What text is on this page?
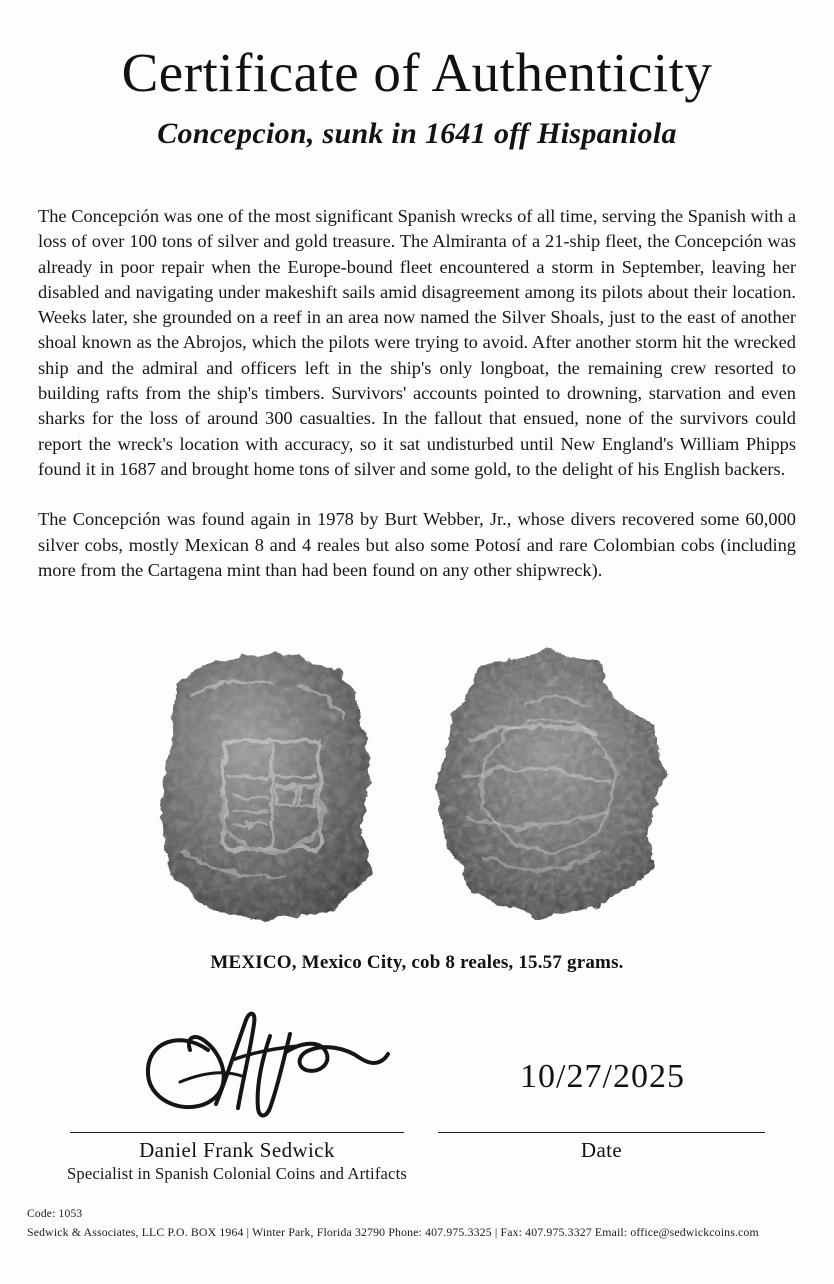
Certificate of Authenticity
Concepcion, sunk in 1641 off Hispaniola

The Concepción was one of the most significant Spanish wrecks of all time, serving the Spanish with a loss of over 100 tons of silver and gold treasure. The Almiranta of a 21-ship fleet, the Concepción was already in poor repair when the Europe-bound fleet encountered a storm in September, leaving her disabled and navigating under makeshift sails amid disagreement among its pilots about their location. Weeks later, she grounded on a reef in an area now named the Silver Shoals, just to the east of another shoal known as the Abrojos, which the pilots were trying to avoid. After another storm hit the wrecked ship and the admiral and officers left in the ship's only longboat, the remaining crew resorted to building rafts from the ship's timbers. Survivors' accounts pointed to drowning, starvation and even sharks for the loss of around 300 casualties. In the fallout that ensued, none of the survivors could report the wreck's location with accuracy, so it sat undisturbed until New England's William Phipps found it in 1687 and brought home tons of silver and some gold, to the delight of his English backers.

The Concepción was found again in 1978 by Burt Webber, Jr., whose divers recovered some 60,000 silver cobs, mostly Mexican 8 and 4 reales but also some Potosí and rare Colombian cobs (including more from the Cartagena mint than had been found on any other shipwreck).

MEXICO, Mexico City, cob 8 reales, 15.57 grams.
10/27/2025
Daniel Frank Sedwick
Specialist in Spanish Colonial Coins and Artifacts
Date

Code: 1053

Sedwick & Associates, LLC P.O. BOX 1964 | Winter Park, Florida 32790 Phone: 407.975.3325 | Fax: 407.975.3327 Email: office@sedwickcoins.com
